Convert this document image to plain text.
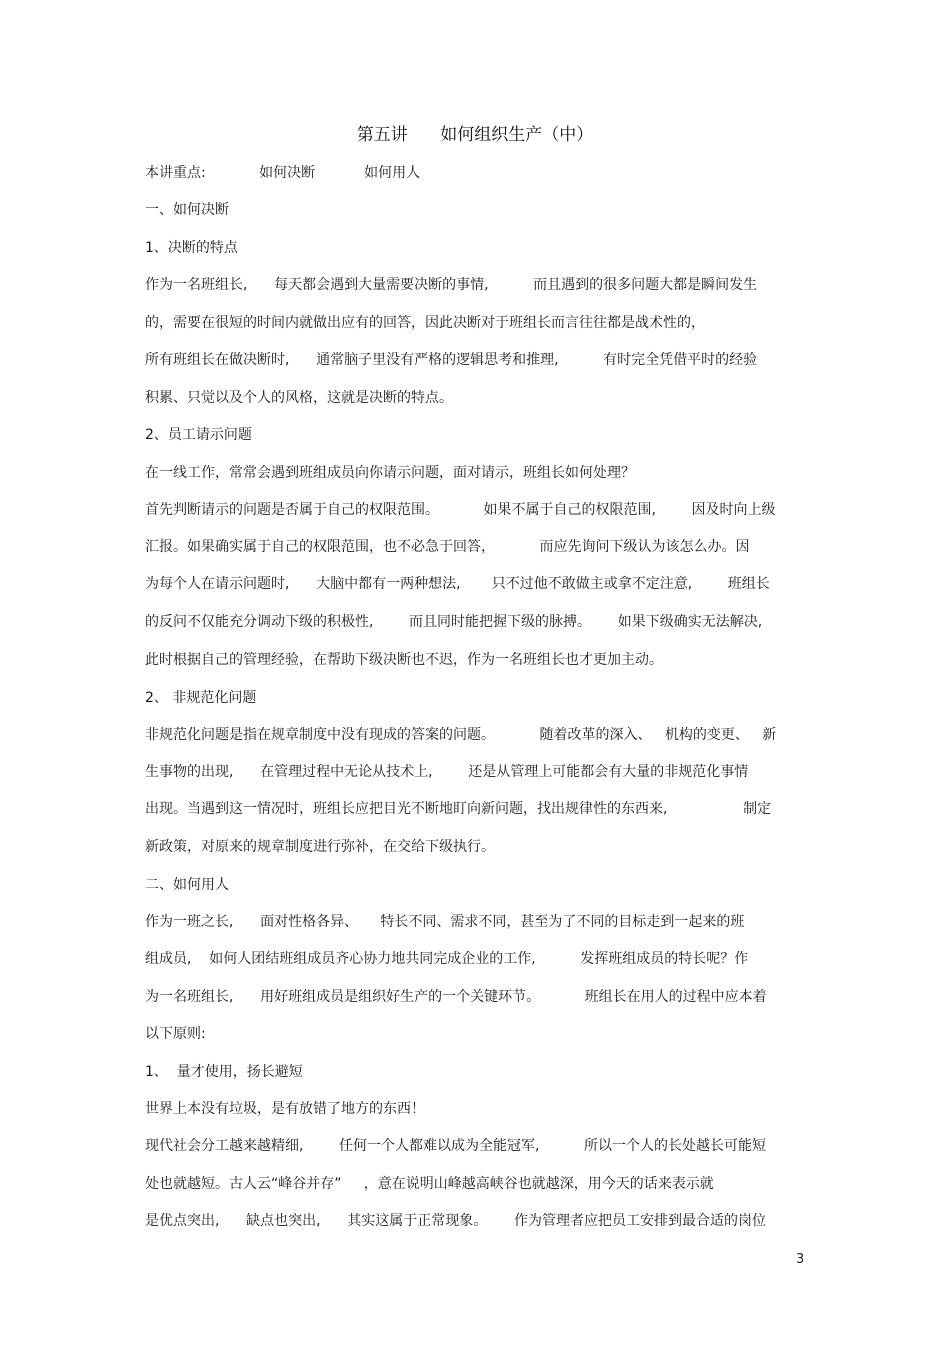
第五讲      如何组织生产（中）
本讲重点:            如何决断           如何用人
一、如何决断
1、决断的特点
作为一名班组长,      每天都会遇到大量需要决断的事情,          而且遇到的很多问题大都是瞬间发生
的，需要在很短的时间内就做出应有的回答，因此决断对于班组长而言往往都是战术性的，
所有班组长在做决断时,      通常脑子里没有严格的逻辑思考和推理,          有时完全凭借平时的经验
积累、只觉以及个人的风格，这就是决断的特点。
2、员工请示问题
在一线工作，常常会遇到班组成员向你请示问题，面对请示，班组长如何处理？
首先判断请示的问题是否属于自己的权限范围。          如果不属于自己的权限范围,        因及时向上级
汇报。如果确实属于自己的权限范围，也不必急于回答，          而应先询问下级认为该怎么办。因
为每个人在请示问题时,      大脑中都有一两种想法,       只不过他不敢做主或拿不定注意,        班组长
的反问不仅能充分调动下级的积极性,        而且同时能把握下级的脉搏。      如果下级确实无法解决,
此时根据自己的管理经验，在帮助下级决断也不迟，作为一名班组长也才更加主动。
2、 非规范化问题
非规范化问题是指在规章制度中没有现成的答案的问题。          随着改革的深入、   机构的变更、   新
生事物的出现,      在管理过程中无论从技术上,        还是从管理上可能都会有大量的非规范化事情
出现。当遇到这一情况时，班组长应把目光不断地盯向新问题，找出规律性的东西来,                 制定
新政策，对原来的规章制度进行弥补，在交给下级执行。
二、如何用人
作为一班之长,      面对性格各异、     特长不同、需求不同，甚至为了不同的目标走到一起来的班
组成员,    如何人团结班组成员齐心协力地共同完成企业的工作,          发挥班组成员的特长呢？作
为一名班组长,      用好班组成员是组织好生产的一个关键环节。          班组长在用人的过程中应本着
以下原则:
1、  量才使用，扬长避短
世界上本没有垃圾，是有放错了地方的东西！
现代社会分工越来越精细,        任何一个人都难以成为全能冠军,          所以一个人的长处越长可能短
处也就越短。古人云“峰谷并存”     ，意在说明山峰越高峡谷也就越深，用今天的话来表示就
是优点突出,      缺点也突出,      其实这属于正常现象。      作为管理者应把员工安排到最合适的岗位
3
